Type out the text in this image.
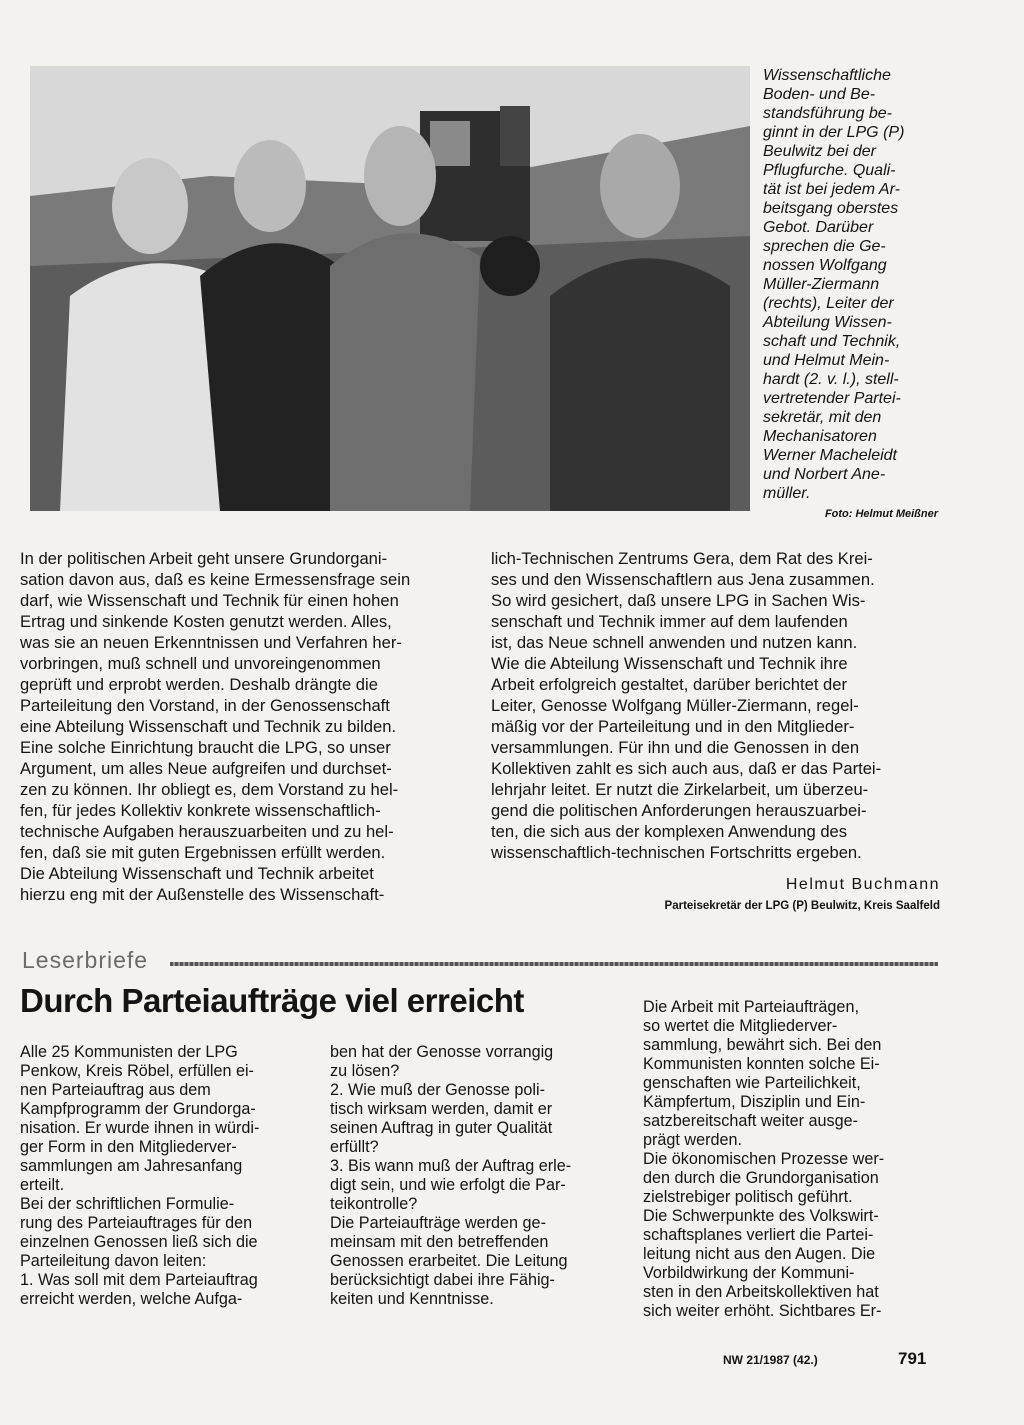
Wissenschaftliche
Boden- und Be-
standsführung be-
ginnt in der LPG (P)
Beulwitz bei der
Pflugfurche. Quali-
tät ist bei jedem Ar-
beitsgang oberstes
Gebot. Darüber
sprechen die Ge-
nossen Wolfgang
Müller-Ziermann
(rechts), Leiter der
Abteilung Wissen-
schaft und Technik,
und Helmut Mein-
hardt (2. v. l.), stell-
vertretender Partei-
sekretär, mit den
Mechanisatoren
Werner Macheleidt
und Norbert Ane-
müller.
Foto: Helmut Meißner
In der politischen Arbeit geht unsere Grundorgani-
sation davon aus, daß es keine Ermessensfrage sein
darf, wie Wissenschaft und Technik für einen hohen
Ertrag und sinkende Kosten genutzt werden. Alles,
was sie an neuen Erkenntnissen und Verfahren her-
vorbringen, muß schnell und unvoreingenommen
geprüft und erprobt werden. Deshalb drängte die
Parteileitung den Vorstand, in der Genossenschaft
eine Abteilung Wissenschaft und Technik zu bilden.
Eine solche Einrichtung braucht die LPG, so unser
Argument, um alles Neue aufgreifen und durchset-
zen zu können. Ihr obliegt es, dem Vorstand zu hel-
fen, für jedes Kollektiv konkrete wissenschaftlich-
technische Aufgaben herauszuarbeiten und zu hel-
fen, daß sie mit guten Ergebnissen erfüllt werden.
Die Abteilung Wissenschaft und Technik arbeitet
hierzu eng mit der Außenstelle des Wissenschaft-
lich-Technischen Zentrums Gera, dem Rat des Krei-
ses und den Wissenschaftlern aus Jena zusammen.
So wird gesichert, daß unsere LPG in Sachen Wis-
senschaft und Technik immer auf dem laufenden
ist, das Neue schnell anwenden und nutzen kann.
Wie die Abteilung Wissenschaft und Technik ihre
Arbeit erfolgreich gestaltet, darüber berichtet der
Leiter, Genosse Wolfgang Müller-Ziermann, regel-
mäßig vor der Parteileitung und in den Mitglieder-
versammlungen. Für ihn und die Genossen in den
Kollektiven zahlt es sich auch aus, daß er das Partei-
lehrjahr leitet. Er nutzt die Zirkelarbeit, um überzeu-
gend die politischen Anforderungen herauszuarbei-
ten, die sich aus der komplexen Anwendung des
wissenschaftlich-technischen Fortschritts ergeben.
Helmut Buchmann
Parteisekretär der LPG (P) Beulwitz, Kreis Saalfeld
Leserbriefe
Durch Parteiaufträge viel erreicht
Alle 25 Kommunisten der LPG
Penkow, Kreis Röbel, erfüllen ei-
nen Parteiauftrag aus dem
Kampfprogramm der Grundorga-
nisation. Er wurde ihnen in würdi-
ger Form in den Mitgliederver-
sammlungen am Jahresanfang
erteilt.
Bei der schriftlichen Formulie-
rung des Parteiauftrages für den
einzelnen Genossen ließ sich die
Parteileitung davon leiten:
1. Was soll mit dem Parteiauftrag
erreicht werden, welche Aufga-
ben hat der Genosse vorrangig
zu lösen?
2. Wie muß der Genosse poli-
tisch wirksam werden, damit er
seinen Auftrag in guter Qualität
erfüllt?
3. Bis wann muß der Auftrag erle-
digt sein, und wie erfolgt die Par-
teikontrolle?
Die Parteiaufträge werden ge-
meinsam mit den betreffenden
Genossen erarbeitet. Die Leitung
berücksichtigt dabei ihre Fähig-
keiten und Kenntnisse.
Die Arbeit mit Parteiaufträgen,
so wertet die Mitgliederver-
sammlung, bewährt sich. Bei den
Kommunisten konnten solche Ei-
genschaften wie Parteilichkeit,
Kämpfertum, Disziplin und Ein-
satzbereitschaft weiter ausge-
prägt werden.
Die ökonomischen Prozesse wer-
den durch die Grundorganisation
zielstrebiger politisch geführt.
Die Schwerpunkte des Volkswirt-
schaftsplanes verliert die Partei-
leitung nicht aus den Augen. Die
Vorbildwirkung der Kommuni-
sten in den Arbeitskollektiven hat
sich weiter erhöht. Sichtbares Er-
NW 21/1987 (42.)	791
